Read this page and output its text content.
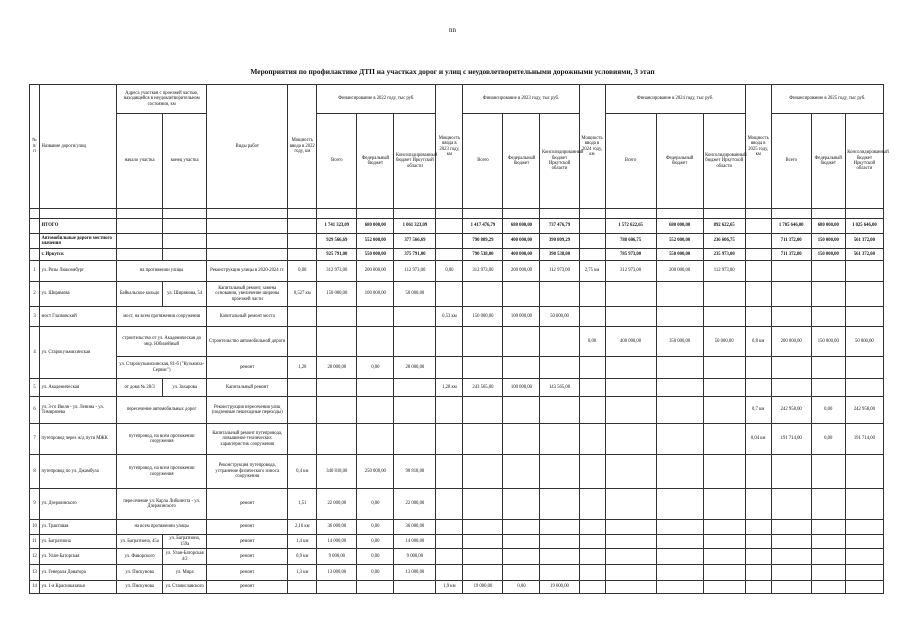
nn
Мероприятия по профилактике ДТП на участках дорог и улиц с неудовлетворительными дорожными условиями, 3 этап
№ п/п	Название дороги/улиц	Адреса участков с проезжей частью, находящейся в неудовлетворительном состоянии, км		Виды работ	Мощность ввода в 2022 году, км	Финансирование в 2022 году, тыс руб.			Мощность ввода в 2023 году, км	Финансирование в 2023 году, тыс руб.			Мощность ввода в 2024 году, км	Финансирование в 2024 году, тыс руб.			Мощность ввода в 2025 году, км	Финансирование в 2025 году, тыс руб.		
		начало участка	конец участка			Всего	Федеральный бюджет	Консолидированный бюджет Иркутской области		Всего	Федеральный бюджет	Консолидированный бюджет Иркутской области		Всего	Федеральный бюджет	Консолидированный бюджет Иркутской области		Всего	Федеральный бюджет	Консолидированный бюджет Иркутской области

	ИТОГО					1 741 323,09	680 000,00	1 061 323,09		1 417 476,79	680 000,00	737 476,79		1 572 622,65	680 000,00	892 622,65		1 705 646,00	680 000,00	1 025 646,00
	Автомобильные дороги местного значения					929 566,69	552 000,00	377 566,69		790 809,29	400 000,00	390 809,29		788 606,75	552 000,00	236 606,75		711 372,00	150 000,00	561 372,00
	г. Иркутск					925 791,00	550 000,00	375 791,00		790 538,00	400 000,00	390 538,00		785 973,00	550 000,00	235 973,00		711 372,00	150 000,00	561 372,00
1	ул. Розы Люксембург	на протяжении улицы		Реконструкция улицы в 2020-2024 гг.	0,00	312 973,00	200 000,00	112 973,00	0,00	312 973,00	200 000,00	112 973,00	2,75 км	312 973,00	200 000,00	112 973,00				
2	ул. Ширямова	Байкальское кольцо	ул. Ширямова, 54	Капитальный ремонт, замена основания, увеличение ширины проезжей части	0,527 км	150 000,00	100 000,00	50 000,00												
3	мост Глазковский	мост, на всем протяжении сооружения		Капитальный ремонт моста					0,53 км	150 000,00	100 000,00	50 000,00								
4	ул. Старокузьмихинская	строительство от ул. Академическая до мкр. Юбилейный		Строительство автомобильной дороги									0,00	400 000,00	350 000,00	50 000,00	0,8 км	200 000,00	150 000,00	50 000,00
		ул. Старокузьмихинская, 81-б ("Кузьмиха-Сервис")		ремонт	1,20	28 000,00	0,00	28 000,00												
5	ул. Академическая	от дома № 28/3	ул. Захарова	Капитальный ремонт					1,28 км	243 565,00	100 000,00	143 565,00								
6	ул. 3-го Июля - ул. Ленина - ул. Тимирязева	пересечение автомобильных дорог		Реконструкция пересечения улиц (подземные пешеходные переходы)													0,7 км	242 958,00	0,00	242 958,00
7	путепровод через ж/д пути МЖК	путепровод, на всем протяжении сооружения		Капитальный ремонт путепровода, повышение технических характеристик сооружения													0,04 км	191 714,00	0,00	191 714,00
8	путепровод по ул. Джамбула	путепровод, на всем протяжении сооружения		Реконструкция путепровода, устранение физического износа сооружения	0,4 км	340 818,00	250 000,00	90 818,00												
9	ул. Дзержинского	пересечение ул. Карла Либкнехта - ул. Дзержинского		ремонт	1,51	22 000,00	0,00	22 000,00												
10	ул. Трактовая	на всем протяжении улицы		ремонт	2,16 км	36 000,00	0,00	36 000,00												
11	ул. Багратиона	ул. Багратиона, 45а	ул. Багратиона, 159а	ремонт	1,4 км	14 000,00	0,00	14 000,00												
12	ул. Улан-Баторская	ул. Фаворского	ул. Улан-Баторская 4/2	ремонт	0,9 км	9 000,00	0,00	9 000,00												
13	ул. Генерала Доватора	ул. Пискунова	ул. Мира	ремонт	1,3 км	13 000,00	0,00	13 000,00												
14	ул. 1-я Красноказачья	ул. Пискунова	ул. Станиславского	ремонт					1,9 км	19 000,00	0,00	19 000,00								
